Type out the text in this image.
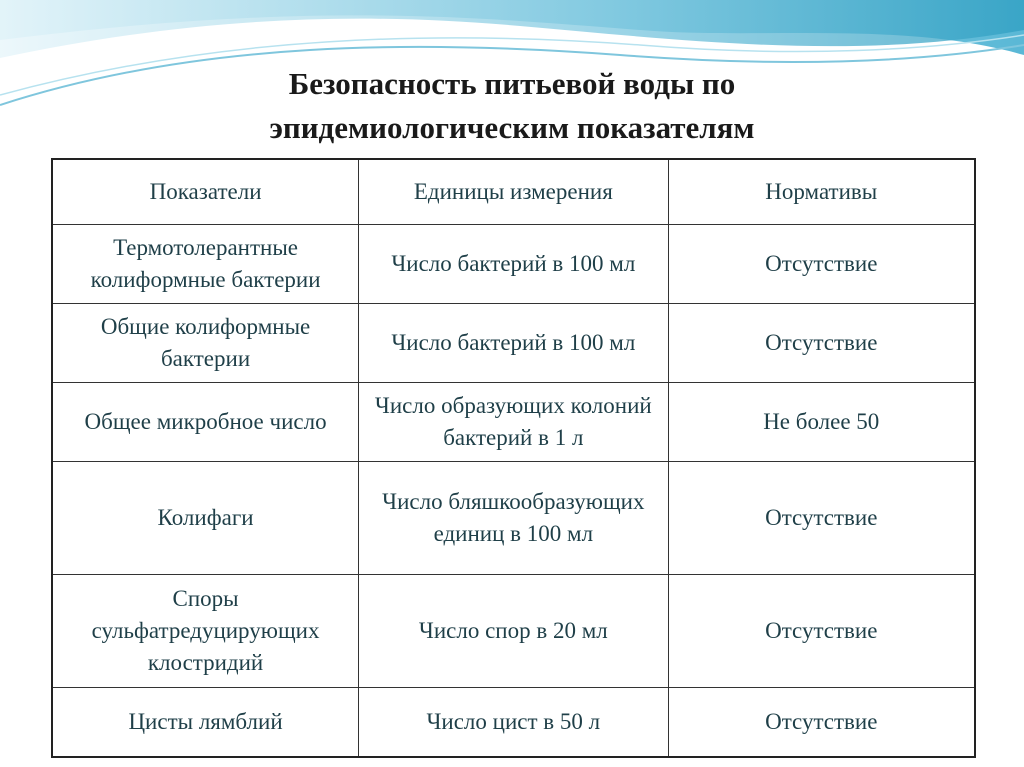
Безопасность питьевой воды по
эпидемиологическим показателям
Показатели	Единицы измерения	Нормативы
Термотолерантные колиформные бактерии	Число бактерий в 100 мл	Отсутствие
Общие колиформные бактерии	Число бактерий в 100 мл	Отсутствие
Общее микробное число	Число образующих колоний бактерий в 1 л	Не более 50
Колифаги	Число бляшкообразующих единиц в 100 мл	Отсутствие
Споры сульфатредуцирующих клостридий	Число спор в 20 мл	Отсутствие
Цисты лямблий	Число цист в 50 л	Отсутствие
